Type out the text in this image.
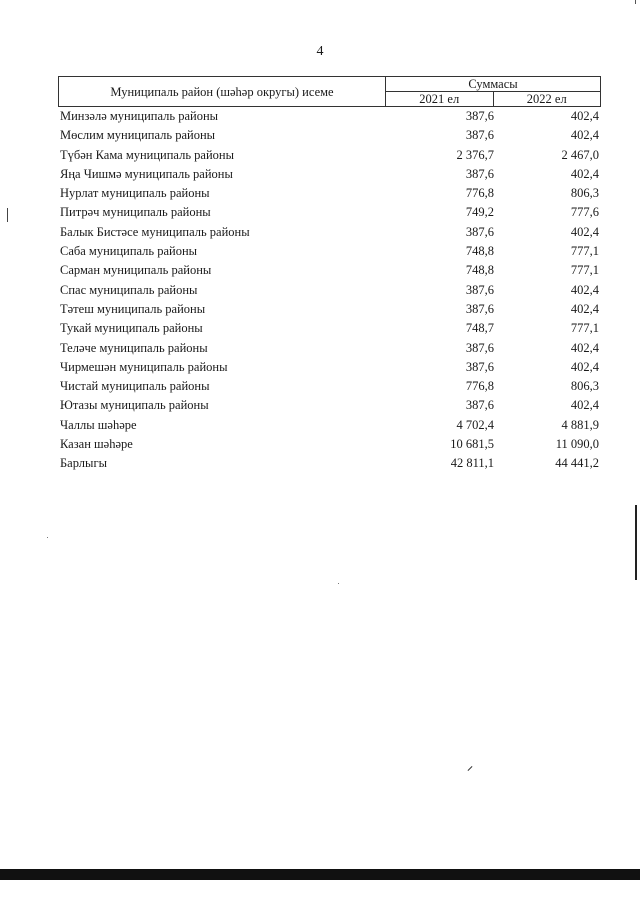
4
Муниципаль район (шәһәр округы) исеме	Суммасы	
	2021 ел	2022 ел
Минзәлә муниципаль районы	387,6	402,4
Мөслим муниципаль районы	387,6	402,4
Түбән Кама муниципаль районы	2 376,7	2 467,0
Яңа Чишмә муниципаль районы	387,6	402,4
Нурлат муниципаль районы	776,8	806,3
Питрәч муниципаль районы	749,2	777,6
Балык Бистәсе муниципаль районы	387,6	402,4
Саба муниципаль районы	748,8	777,1
Сарман муниципаль районы	748,8	777,1
Спас муниципаль районы	387,6	402,4
Тәтеш муниципаль районы	387,6	402,4
Тукай муниципаль районы	748,7	777,1
Теләче муниципаль районы	387,6	402,4
Чирмешән муниципаль районы	387,6	402,4
Чистай муниципаль районы	776,8	806,3
Ютазы муниципаль районы	387,6	402,4
Чаллы шәһәре	4 702,4	4 881,9
Казан шәһәре	10 681,5	11 090,0
Барлыгы	42 811,1	44 441,2
